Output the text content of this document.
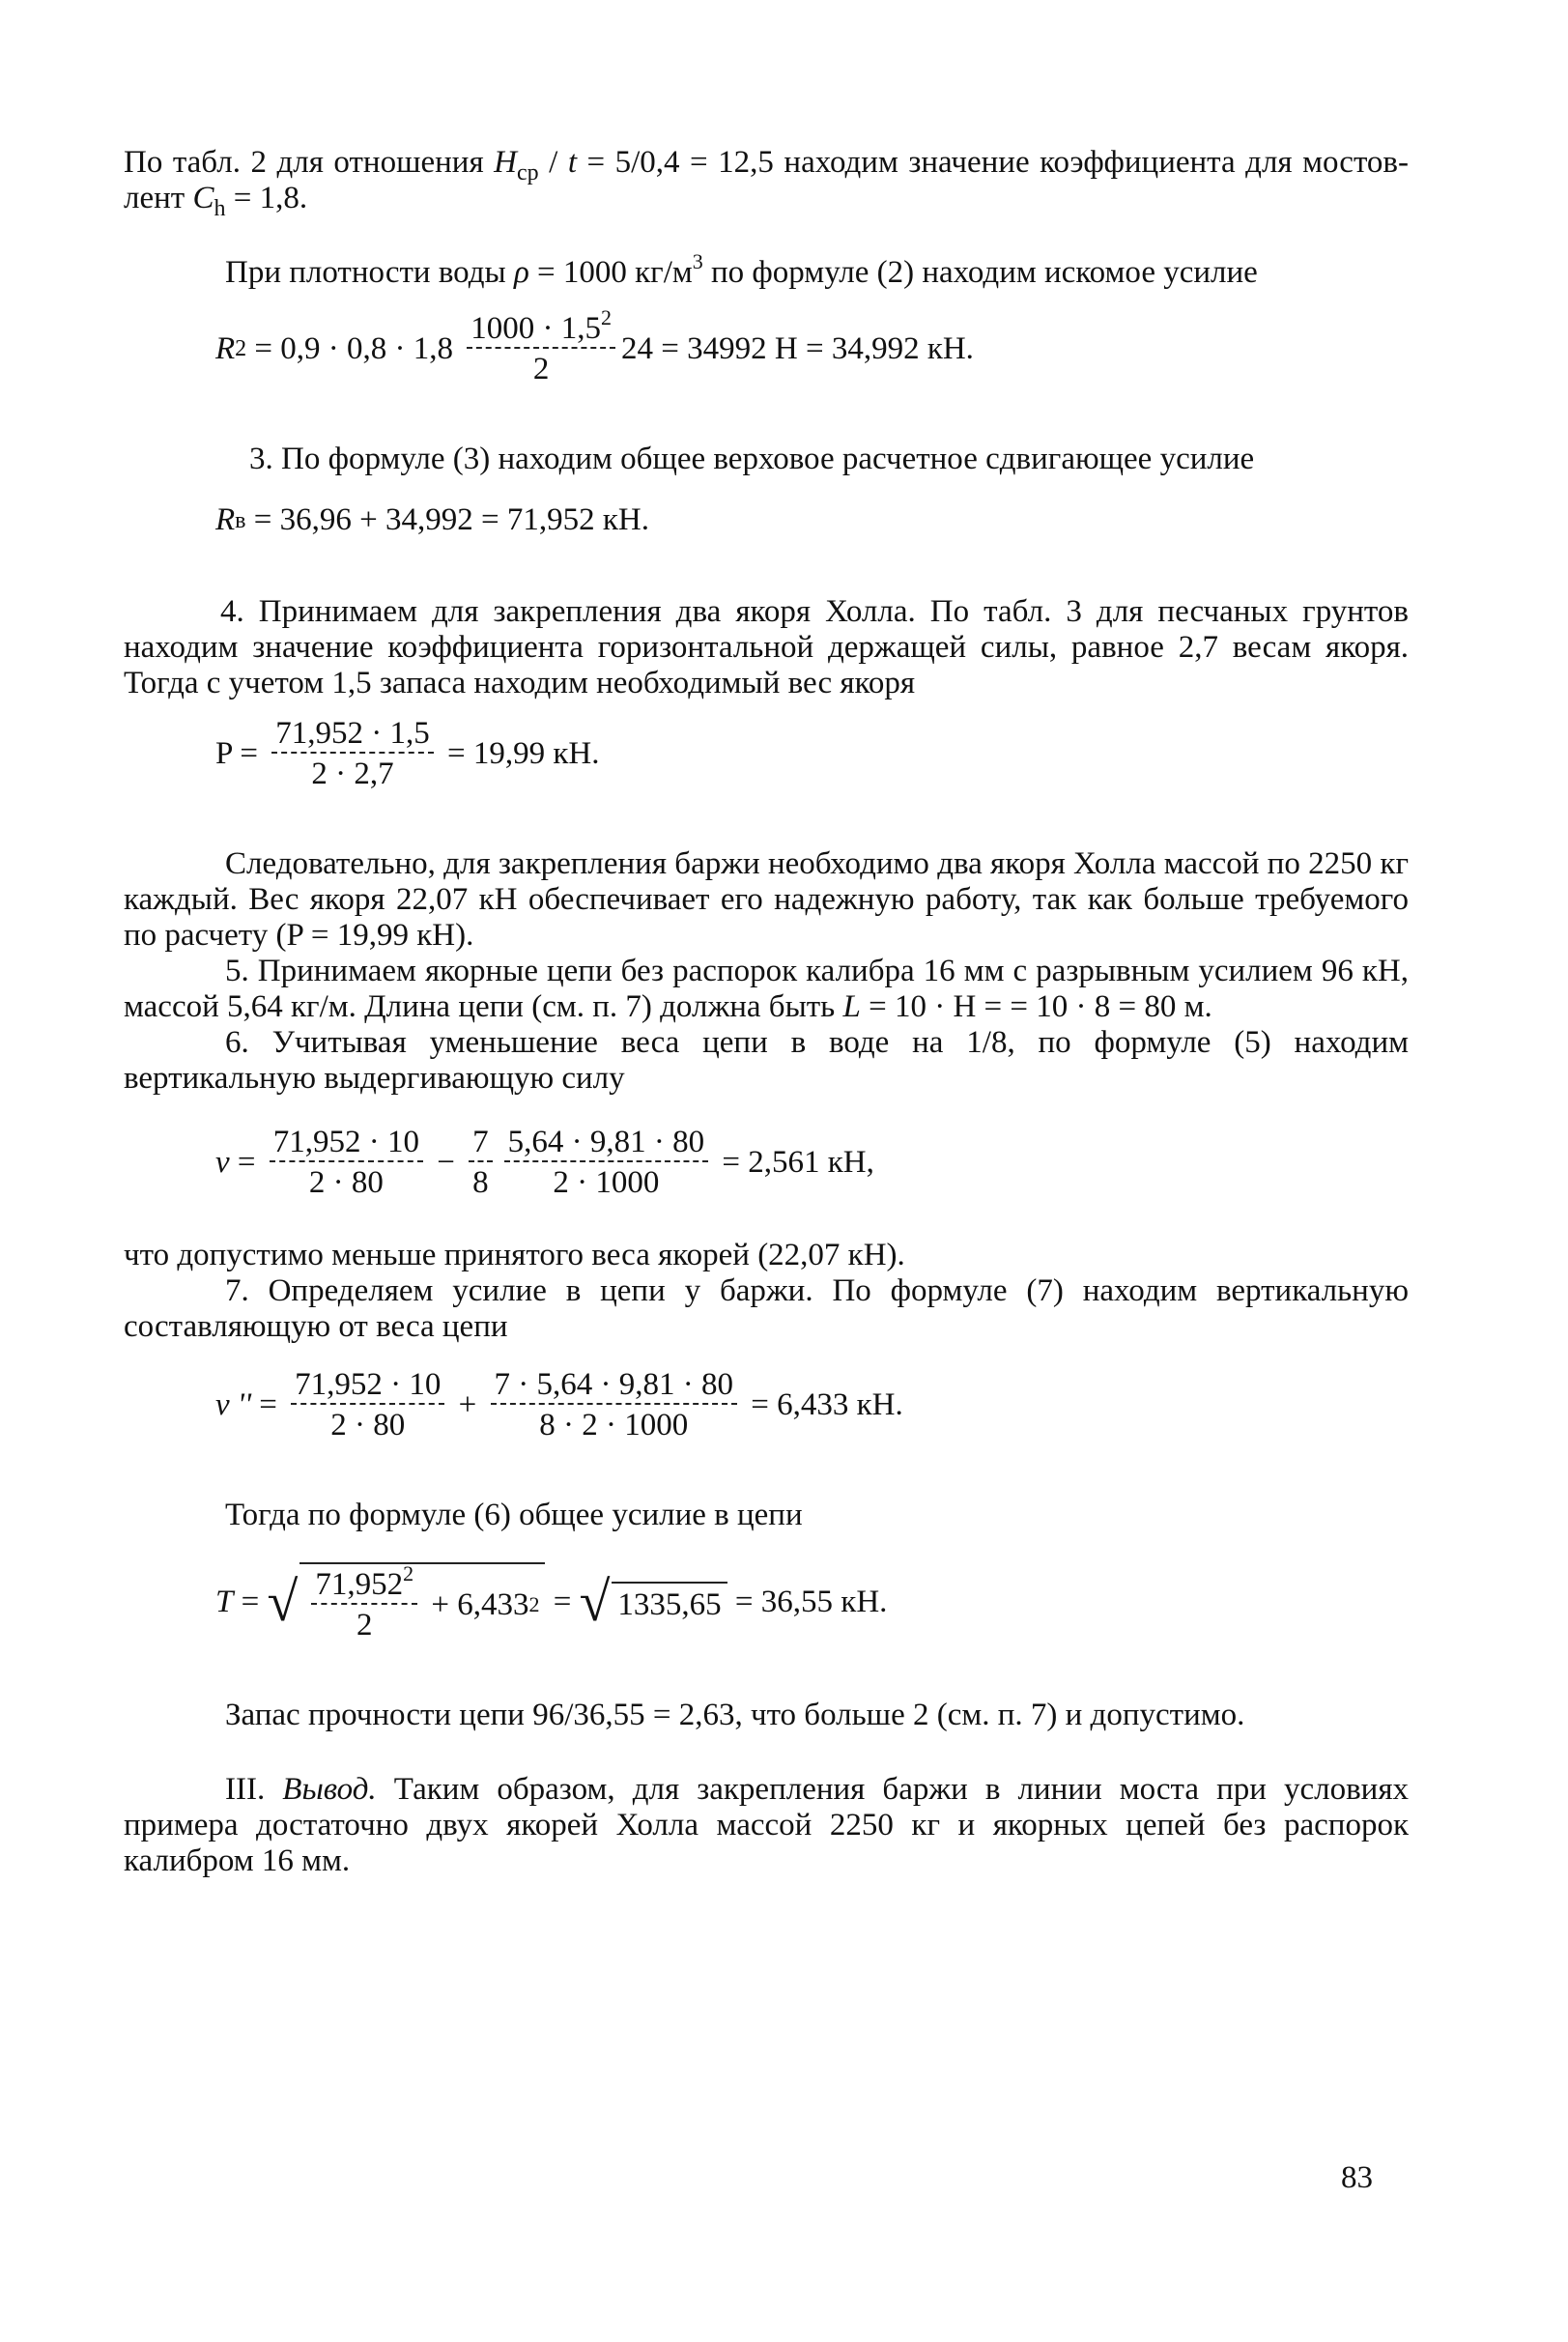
По табл. 2 для отношения $H_{ср} / t = 5/0,4 = 12,5$ находим значение коэффициента для мостов-лент $C_h = 1,8$.

При плотности воды ρ = 1000 $кг/м^3$ по формуле (2) находим искомое усилие

R $2 = 0,9 \cdot 0,8 \cdot 1,8 \frac{1000 \cdot 1,5^2}{2} 24 = 34992$ Н = 34,992 кН.

3. По формуле (3) находим общее верховое расчетное сдвигающее усилие

R в = 36,96 + 34,992 = 71,952 кН.

4. Принимаем для закрепления два якоря Холла. По табл. 3 для песчаных грунтов находим значение коэффициента горизонтальной держащей силы, равное 2,7 весам якоря. Тогда с учетом 1,5 запаса находим необходимый вес якоря

$P = \frac{71,952 \cdot 1,5}{2 \cdot 2,7} = 19,99$ кН.

Следовательно, для закрепления баржи необходимо два якоря Холла массой по 2250 кг каждый. Вес якоря 22,07 кН обеспечивает его надежную работу, так как больше требуемого по расчету (P = 19,99 кН).

5. Принимаем якорные цепи без распорок калибра 16 мм с разрывным усилием 96 кН, массой 5,64 кг/м. Длина цепи (см. п. 7) должна быть L = 10 · H = = 10 · 8 = 80 м.

6. Учитывая уменьшение веса цепи в воде на 1/8, по формуле (5) находим вертикальную выдергивающую силу

$v = \frac{71,952 \cdot 10}{2 \cdot 80} - \frac{7}{8} \frac{5,64 \cdot 9,81 \cdot 80}{2 \cdot 1000} = 2,561$ кН,

что допустимо меньше принятого веса якорей (22,07 кН).

7. Определяем усилие в цепи у баржи. По формуле (7) находим вертикальную составляющую от веса цепи

v '' = $\frac{71,952 \cdot 10}{2 \cdot 80} + \frac{7 \cdot 5,64 \cdot 9,81 \cdot 80}{8 \cdot 2 \cdot 1000} = 6,433$ кН.

Тогда по формуле (6) общее усилие в цепи

T = √ $\frac{71,952^2}{2} + 6,433$ 2 = √ 1335,65 = 36,55 кН.

Запас прочности цепи 96/36,55 = 2,63, что больше 2 (см. п. 7) и допустимо.

III. Вывод. Таким образом, для закрепления баржи в линии моста при условиях примера достаточно двух якорей Холла массой 2250 кг и якорных цепей без распорок калибром 16 мм.

83
